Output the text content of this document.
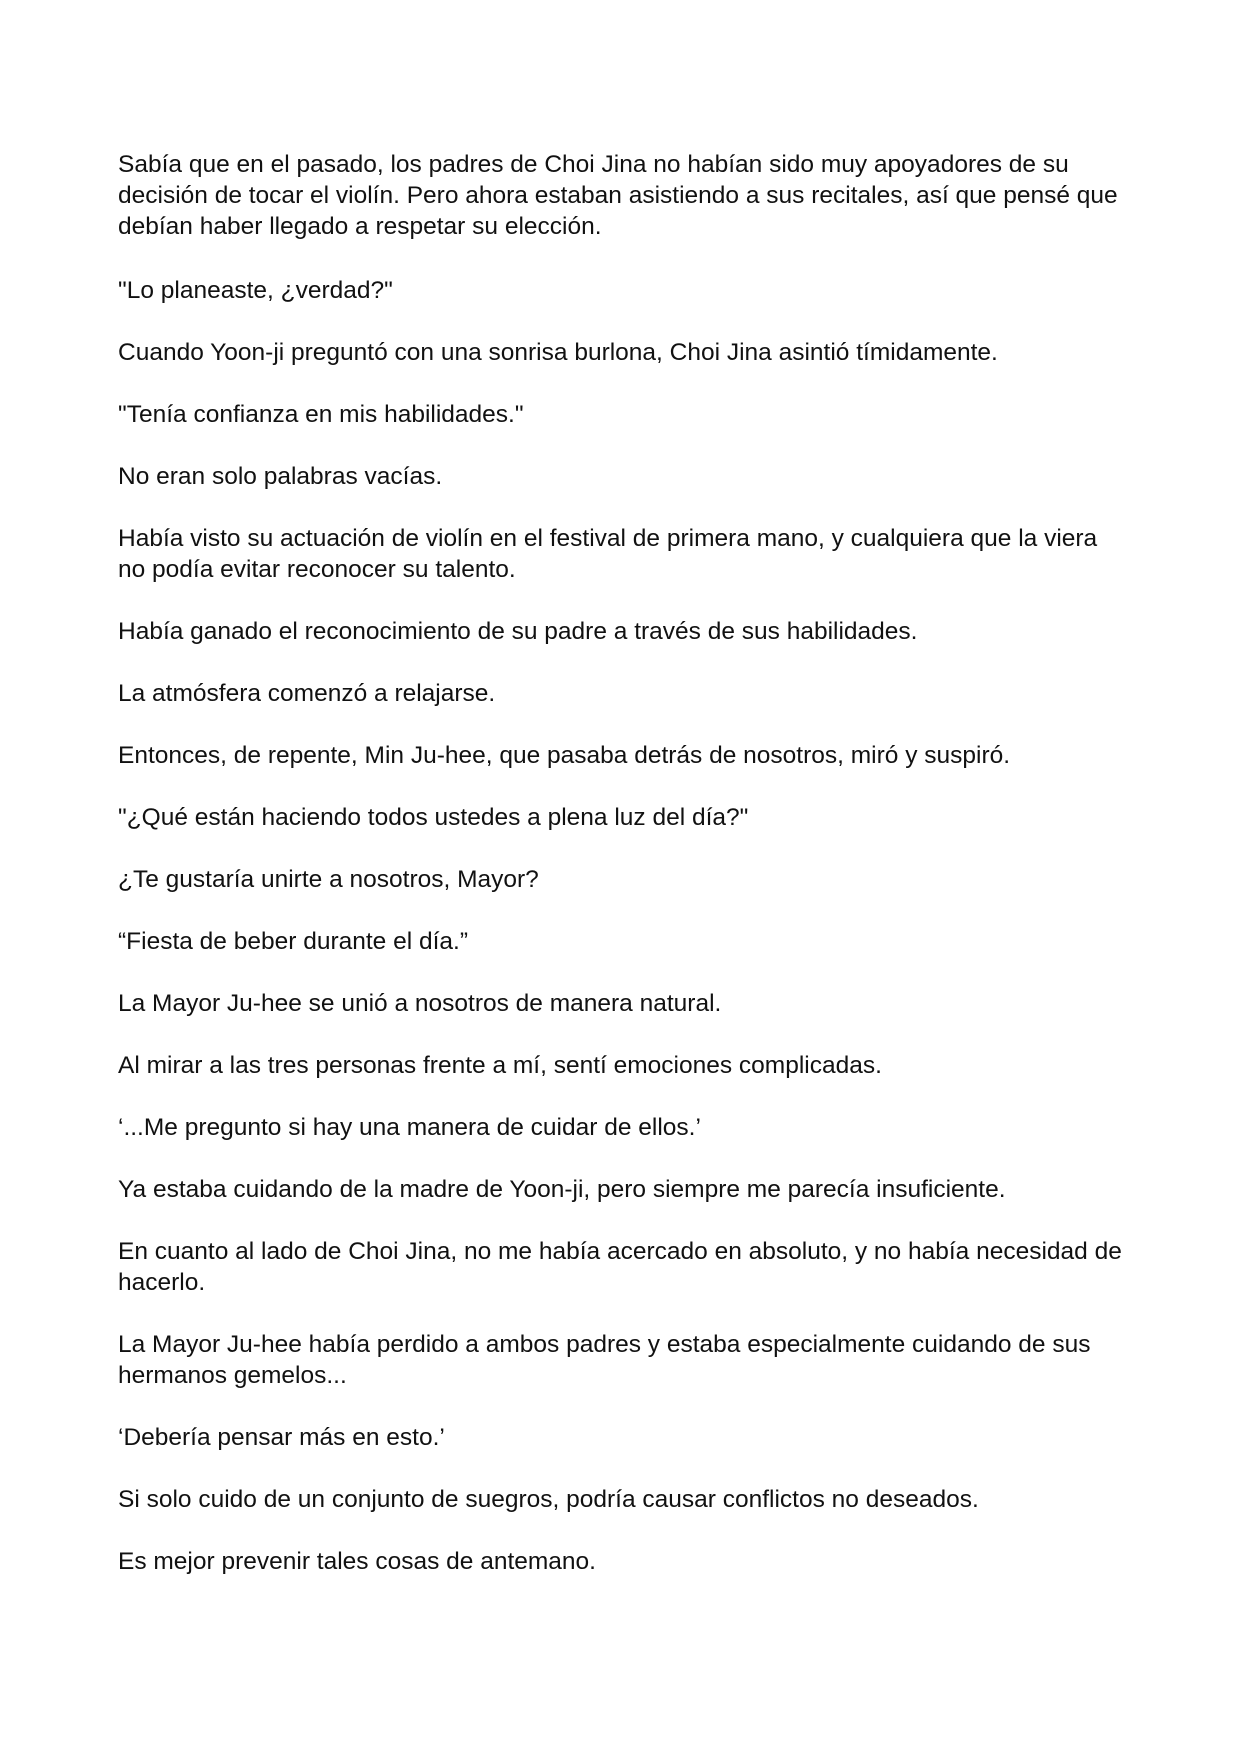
Sabía que en el pasado, los padres de Choi Jina no habían sido muy apoyadores de su decisión de tocar el violín. Pero ahora estaban asistiendo a sus recitales, así que pensé que debían haber llegado a respetar su elección.

"Lo planeaste, ¿verdad?"

Cuando Yoon-ji preguntó con una sonrisa burlona, Choi Jina asintió tímidamente.

"Tenía confianza en mis habilidades."

No eran solo palabras vacías.

Había visto su actuación de violín en el festival de primera mano, y cualquiera que la viera no podía evitar reconocer su talento.

Había ganado el reconocimiento de su padre a través de sus habilidades.

La atmósfera comenzó a relajarse.

Entonces, de repente, Min Ju-hee, que pasaba detrás de nosotros, miró y suspiró.

"¿Qué están haciendo todos ustedes a plena luz del día?"

¿Te gustaría unirte a nosotros, Mayor?

“Fiesta de beber durante el día.”

La Mayor Ju-hee se unió a nosotros de manera natural.

Al mirar a las tres personas frente a mí, sentí emociones complicadas.

‘...Me pregunto si hay una manera de cuidar de ellos.’

Ya estaba cuidando de la madre de Yoon-ji, pero siempre me parecía insuficiente.

En cuanto al lado de Choi Jina, no me había acercado en absoluto, y no había necesidad de hacerlo.

La Mayor Ju-hee había perdido a ambos padres y estaba especialmente cuidando de sus hermanos gemelos...

‘Debería pensar más en esto.’

Si solo cuido de un conjunto de suegros, podría causar conflictos no deseados.

Es mejor prevenir tales cosas de antemano.
